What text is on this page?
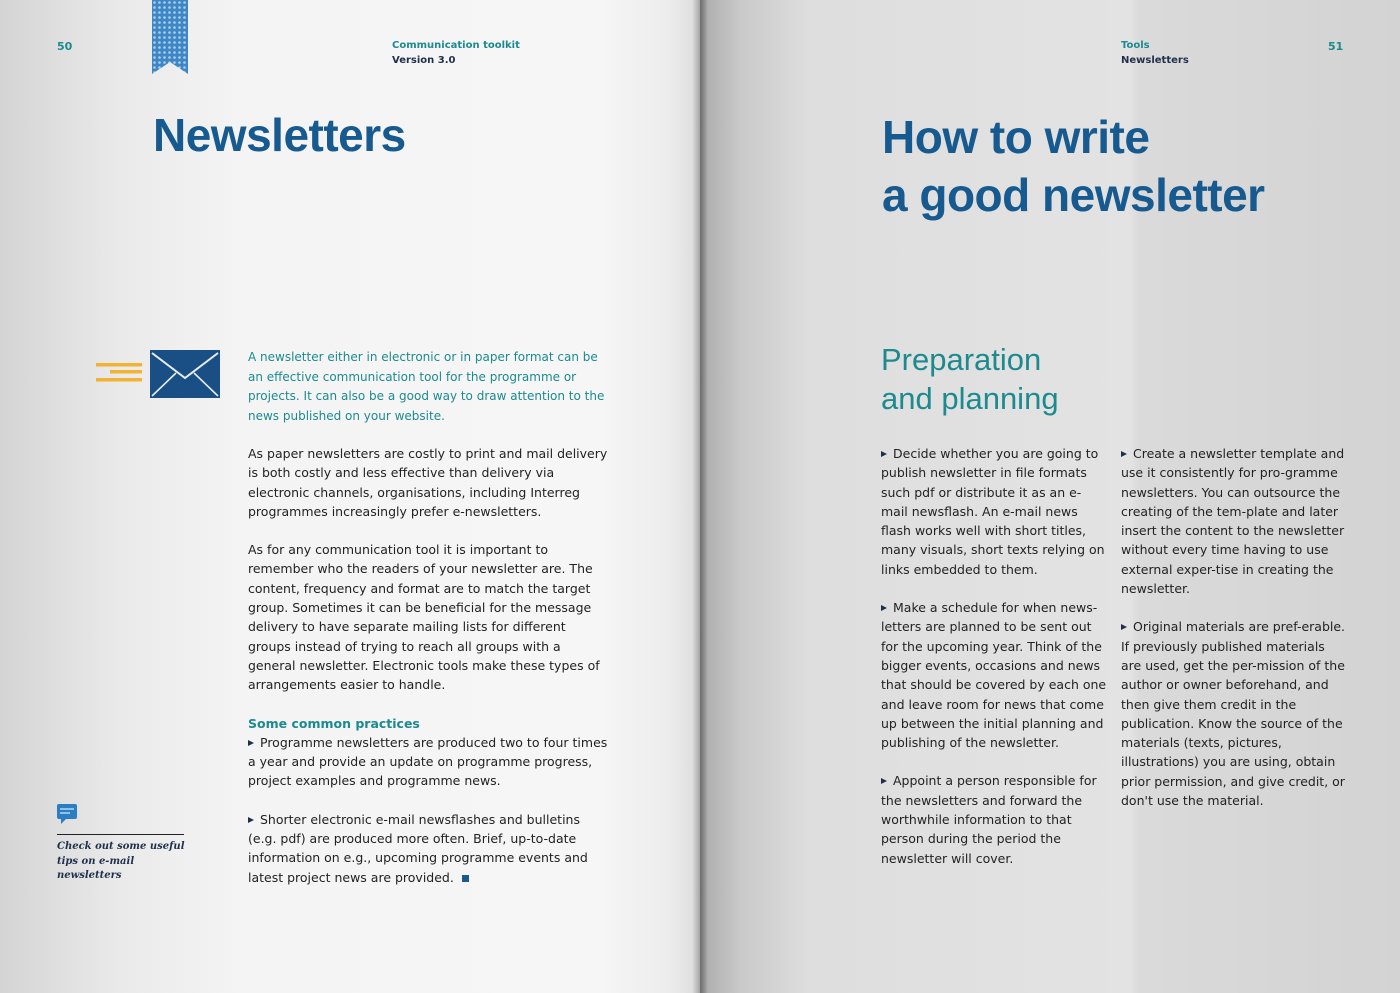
50	Communication toolkit
Version 3.0
Newsletters
A newsletter either in electronic or in paper format can be an effective communication tool for the programme or projects. It can also be a good way to draw attention to the news published on your website.

As paper newsletters are costly to print and mail delivery is both costly and less effective than delivery via electronic channels, organisations, including Interreg programmes increasingly prefer e-newsletters.

As for any communication tool it is important to remember who the readers of your newsletter are. The content, frequency and format are to match the target group. Sometimes it can be beneficial for the message delivery to have separate mailing lists for different groups instead of trying to reach all groups with a general newsletter. Electronic tools make these types of arrangements easier to handle.

Some common practices

Programme newsletters are produced two to four times a year and provide an update on programme progress, project examples and programme news.

Shorter electronic e-mail newsflashes and bulletins (e.g. pdf) are produced more often. Brief, up-to-date information on e.g., upcoming programme events and latest project news are provided.

Check out some useful tips on e-mail newsletters
Tools
Newsletters
51
How to write
a good newsletter
Preparation
and planning

Decide whether you are going to publish newsletter in file formats such pdf or distribute it as an e-mail newsflash. An e-mail news flash works well with short titles, many visuals, short texts relying on links embedded to them.

Make a schedule for when news-letters are planned to be sent out for the upcoming year. Think of the bigger events, occasions and news that should be covered by each one and leave room for news that come up between the initial planning and publishing of the newsletter.

Appoint a person responsible for the newsletters and forward the worthwhile information to that person during the period the newsletter will cover.

Create a newsletter template and use it consistently for pro-gramme newsletters. You can outsource the creating of the tem-plate and later insert the content to the newsletter without every time having to use external exper-tise in creating the newsletter.

Original materials are pref-erable. If previously published materials are used, get the per-mission of the author or owner beforehand, and then give them credit in the publication. Know the source of the materials (texts, pictures, illustrations) you are using, obtain prior permission, and give credit, or don't use the material.
